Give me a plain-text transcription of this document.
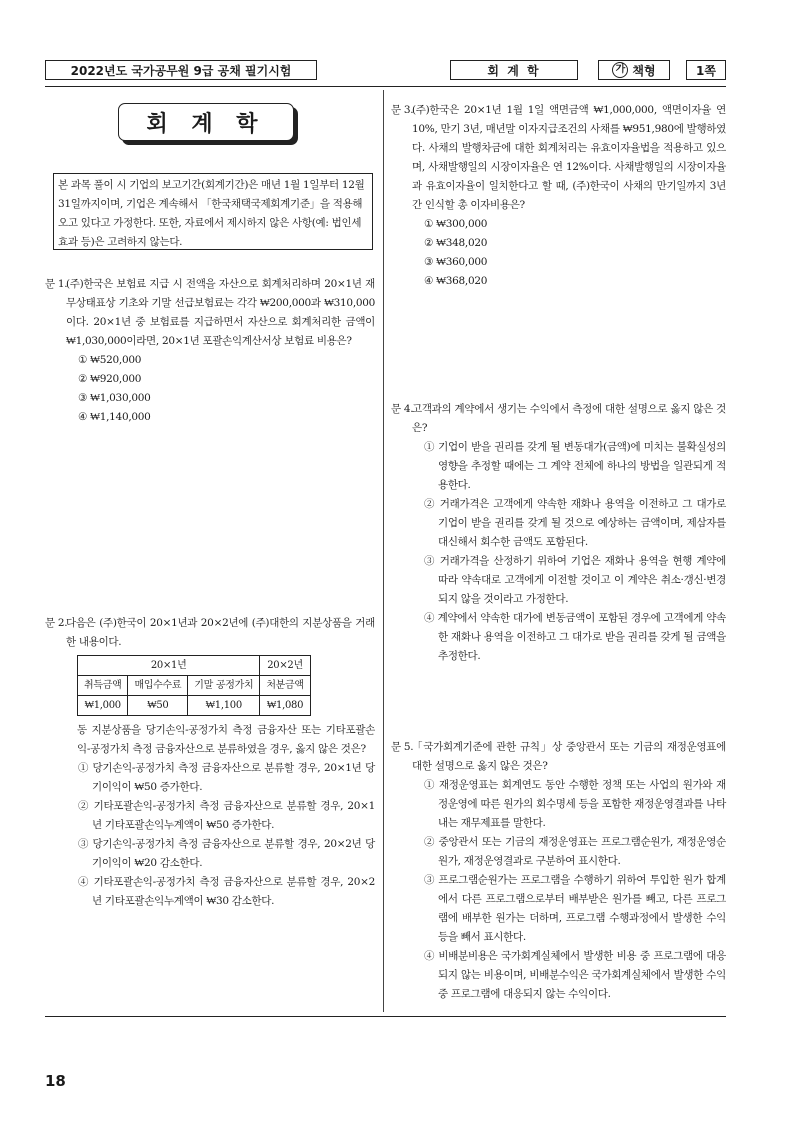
2022년도 국가공무원 9급 공채 필기시험	회 계 학	가 책형	1쪽
회 계 학
본 과목 풀이 시 기업의 보고기간(회계기간)은 매년 1월 1일부터 12월 31일까지이며, 기업은 계속해서 「한국채택국제회계기준」을 적용해 오고 있다고 가정한다. 또한, 자료에서 제시하지 않은 사항(예: 법인세 효과 등)은 고려하지 않는다.
문 1.
(주)한국은 보험료 지급 시 전액을 자산으로 회계처리하며 20×1년 재무상태표상 기초와 기말 선급보험료는 각각 ₩200,000과 ₩310,000이다. 20×1년 중 보험료를 지급하면서 자산으로 회계처리한 금액이 ₩1,030,000이라면, 20×1년 포괄손익계산서상 보험료 비용은?
① ₩520,000
② ₩920,000
③ ₩1,030,000
④ ₩1,140,000
문 2.
다음은 (주)한국이 20×1년과 20×2년에 (주)대한의 지분상품을 거래한 내용이다.
20×1년			20×2년
취득금액	매입수수료	기말 공정가치	처분금액
₩1,000	₩50	₩1,100	₩1,080
동 지분상품을 당기손익-공정가치 측정 금융자산 또는 기타포괄손익-공정가치 측정 금융자산으로 분류하였을 경우, 옳지 않은 것은?
① 당기손익-공정가치 측정 금융자산으로 분류할 경우, 20×1년 당기이익이 ₩50 증가한다.
② 기타포괄손익-공정가치 측정 금융자산으로 분류할 경우, 20×1년 기타포괄손익누계액이 ₩50 증가한다.
③ 당기손익-공정가치 측정 금융자산으로 분류할 경우, 20×2년 당기이익이 ₩20 감소한다.
④ 기타포괄손익-공정가치 측정 금융자산으로 분류할 경우, 20×2년 기타포괄손익누계액이 ₩30 감소한다.
문 3.
(주)한국은 20×1년 1월 1일 액면금액 ₩1,000,000, 액면이자율 연 10%, 만기 3년, 매년말 이자지급조건의 사채를 ₩951,980에 발행하였다. 사채의 발행차금에 대한 회계처리는 유효이자율법을 적용하고 있으며, 사채발행일의 시장이자율은 연 12%이다. 사채발행일의 시장이자율과 유효이자율이 일치한다고 할 때, (주)한국이 사채의 만기일까지 3년간 인식할 총 이자비용은?
① ₩300,000
② ₩348,020
③ ₩360,000
④ ₩368,020
문 4.
고객과의 계약에서 생기는 수익에서 측정에 대한 설명으로 옳지 않은 것은?
① 기업이 받을 권리를 갖게 될 변동대가(금액)에 미치는 불확실성의 영향을 추정할 때에는 그 계약 전체에 하나의 방법을 일관되게 적용한다.
② 거래가격은 고객에게 약속한 재화나 용역을 이전하고 그 대가로 기업이 받을 권리를 갖게 될 것으로 예상하는 금액이며, 제삼자를 대신해서 회수한 금액도 포함된다.
③ 거래가격을 산정하기 위하여 기업은 재화나 용역을 현행 계약에 따라 약속대로 고객에게 이전할 것이고 이 계약은 취소·갱신·변경 되지 않을 것이라고 가정한다.
④ 계약에서 약속한 대가에 변동금액이 포함된 경우에 고객에게 약속한 재화나 용역을 이전하고 그 대가로 받을 권리를 갖게 될 금액을 추정한다.
문 5.
「국가회계기준에 관한 규칙」상 중앙관서 또는 기금의 재정운영표에 대한 설명으로 옳지 않은 것은?
① 재정운영표는 회계연도 동안 수행한 정책 또는 사업의 원가와 재정운영에 따른 원가의 회수명세 등을 포함한 재정운영결과를 나타내는 재무제표를 말한다.
② 중앙관서 또는 기금의 재정운영표는 프로그램순원가, 재정운영순원가, 재정운영결과로 구분하여 표시한다.
③ 프로그램순원가는 프로그램을 수행하기 위하여 투입한 원가 합계에서 다른 프로그램으로부터 배부받은 원가를 빼고, 다른 프로그램에 배부한 원가는 더하며, 프로그램 수행과정에서 발생한 수익 등을 빼서 표시한다.
④ 비배분비용은 국가회계실체에서 발생한 비용 중 프로그램에 대응되지 않는 비용이며, 비배분수익은 국가회계실체에서 발생한 수익 중 프로그램에 대응되지 않는 수익이다.
18
